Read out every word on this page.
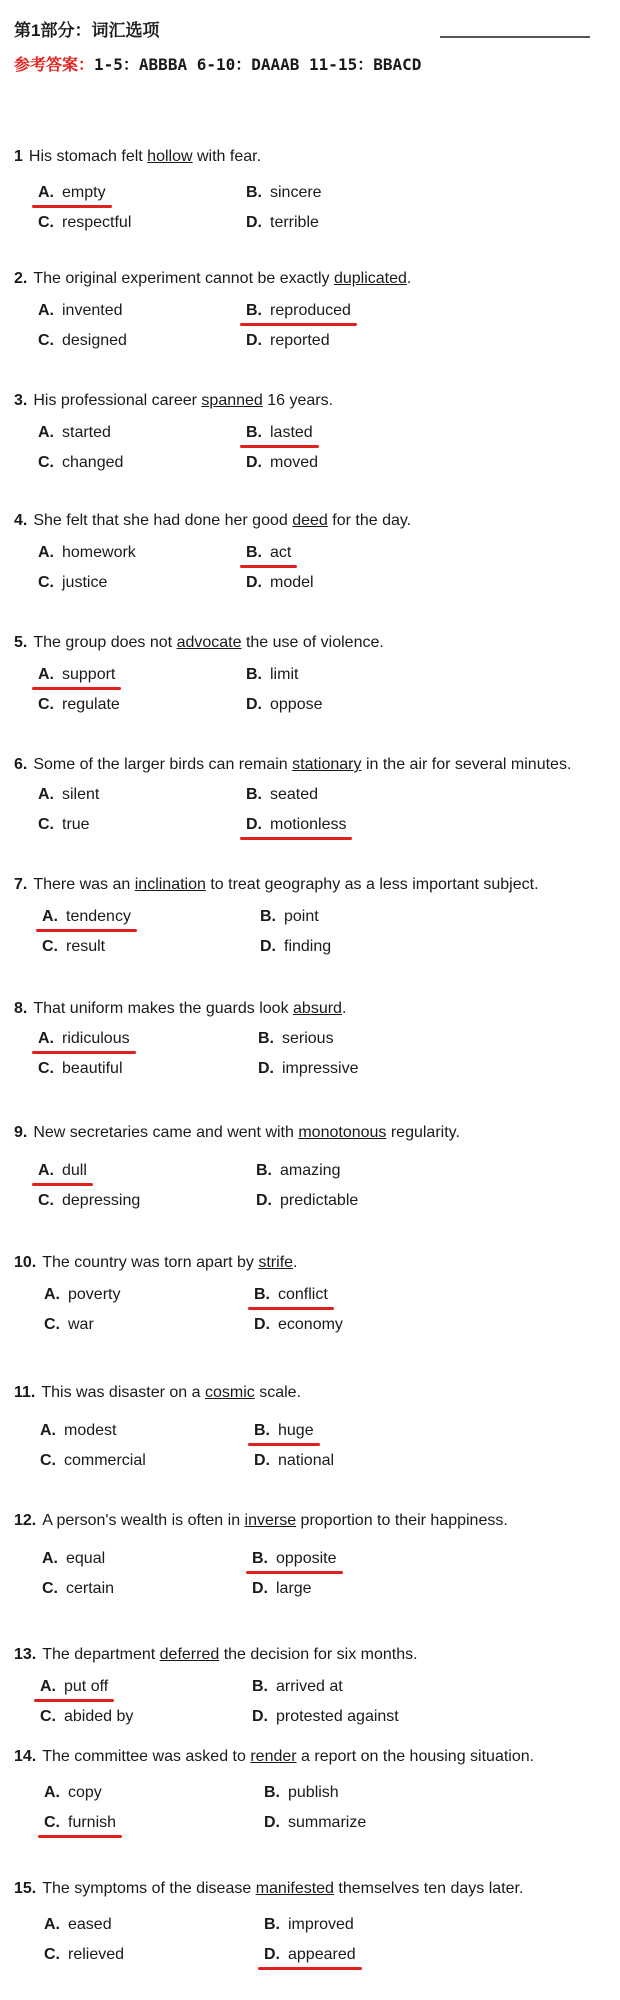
第1部分：词汇选项
参考答案：1-5：ABBBA 6-10：DAAAB 11-15：BBACD
1 His stomach felt hollow with fear.
A. empty	B. sincere
C. respectful	D. terrible
2. The original experiment cannot be exactly duplicated.
A. invented	B. reproduced
C. designed	D. reported
3. His professional career spanned 16 years.
A. started	B. lasted
C. changed	D. moved
4. She felt that she had done her good deed for the day.
A. homework	B. act
C. justice	D. model
5. The group does not advocate the use of violence.
A. support	B. limit
C. regulate	D. oppose
6. Some of the larger birds can remain stationary in the air for several minutes.
A. silent	B. seated
C. true	D. motionless
7. There was an inclination to treat geography as a less important subject.
A. tendency	B. point
C. result	D. finding
8. That uniform makes the guards look absurd.
A. ridiculous	B. serious
C. beautiful	D. impressive
9. New secretaries came and went with monotonous regularity.
A. dull	B. amazing
C. depressing	D. predictable
10. The country was torn apart by strife.
A. poverty	B. conflict
C. war	D. economy
11. This was disaster on a cosmic scale.
A. modest	B. huge
C. commercial	D. national
12. A person's wealth is often in inverse proportion to their happiness.
A. equal	B. opposite
C. certain	D. large
13. The department deferred the decision for six months.
A. put off	B. arrived at
C. abided by	D. protested against
14. The committee was asked to render a report on the housing situation.
A. copy	B. publish
C. furnish	D. summarize
15. The symptoms of the disease manifested themselves ten days later.
A. eased	B. improved
C. relieved	D. appeared
